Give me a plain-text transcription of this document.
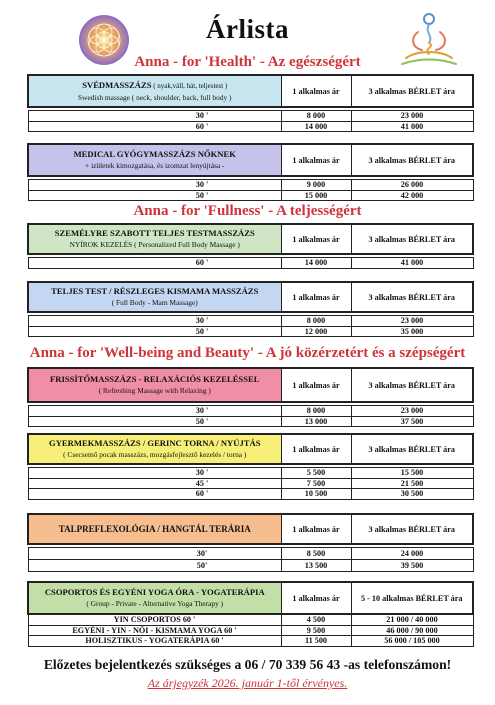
Árlista
Anna - for 'Health' - Az egészségért
Anna - for 'Fullness' - A teljességért
Anna - for 'Well-being and Beauty' - A jó közérzetért és a szépségért
SVÉDMASSZÁZS ( nyak,váll, hát, teljestest )
Swedish massage ( neck, shoulder, back, full body )	1 alkalmas ár	3 alkalmas BÉRLET ára

30 '	8 000	23 000
60 '	14 000	41 000
MEDICAL GYÓGYMASSZÁZS NŐKNEK
+ izületek kimozgatása, és izomzat lenyújtása -	1 alkalmas ár	3 alkalmas BÉRLET ára

30 '	9 000	26 000
50 '	15 000	42 000
SZEMÉLYRE SZABOTT TELJES TESTMASSZÁZS
NYÍROK KEZELÉS ( Personalized Full Body Massage )	1 alkalmas ár	3 alkalmas BÉRLET ára

60 '	14 000	41 000
TELJES TEST / RÉSZLEGES KISMAMA MASSZÁZS
( Full Body - Mam Massage)	1 alkalmas ár	3 alkalmas BÉRLET ára

30 '	8 000	23 000
50 '	12 000	35 000
FRISSÍTŐMASSZÁZS - RELAXÁCIÓS KEZELÉSSEL
( Refreshing Massage with Relaxing )	1 alkalmas ár	3 alkalmas BÉRLET ára

30 '	8 000	23 000
50 '	13 000	37 500
GYERMEKMASSZÁZS / GERINC TORNA / NYÚJTÁS
( Csecsemő pocak masszázs, mozgásfejlesztő kezelés / torna )	1 alkalmas ár	3 alkalmas BÉRLET ára

30 '	5 500	15 500
45 '	7 500	21 500
60 '	10 500	30 500
TALPREFLEXOLÓGIA / HANGTÁL TERÁRIA	1 alkalmas ár	3 alkalmas BÉRLET ára

30'	8 500	24 000
50'	13 500	39 500
CSOPORTOS ÉS EGYÉNI YOGA ÓRA - YOGATERÁPIA
( Group - Private - Alternative Yoga Therapy )	1 alkalmas ár	5 - 10 alkalmas BÉRLET ára
YIN CSOPORTOS 60 '	4 500	21 000 / 40 000
EGYÉNI - YIN - NŐI - KISMAMA YOGA 60 '	9 500	46 000 / 90 000
HOLISZTIKUS - YOGATERÁPIA 60 '	11 500	56 000 / 105 000
Előzetes bejelentkezés szükséges a 06 / 70 339 56 43 -as telefonszámon!
Az árjegyzék 2026. január 1-től érvényes.
